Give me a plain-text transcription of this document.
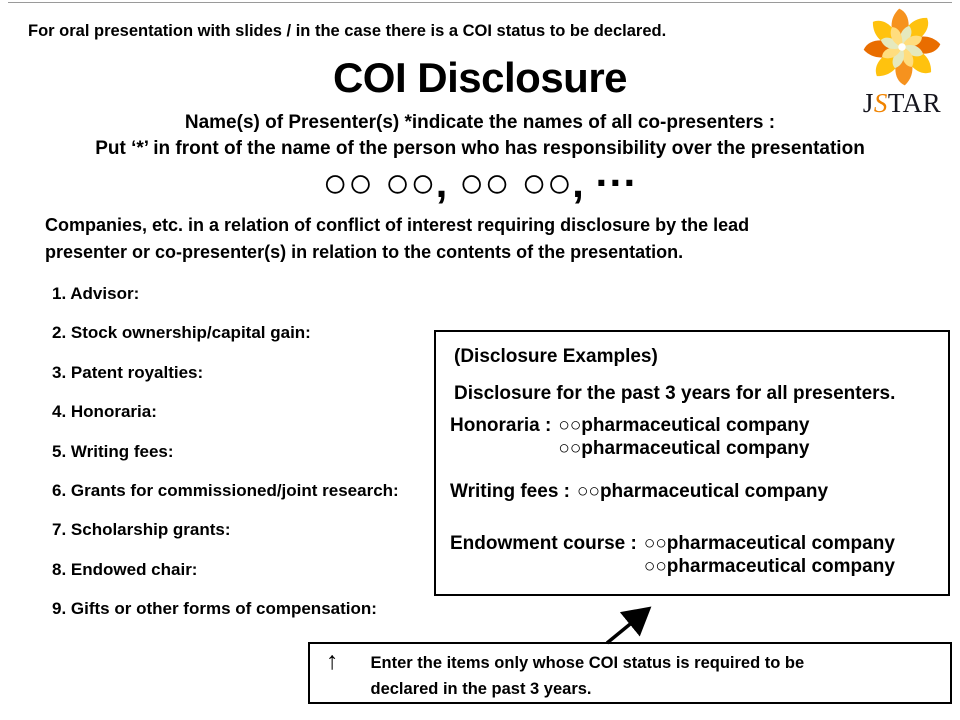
For oral presentation with slides / in the case there is a COI status to be declared.
JSTAR
COI Disclosure
Name(s) of Presenter(s) *indicate the names of all co-presenters :
Put ‘*’ in front of the name of the person who has responsibility over the presentation
○○ ○○, ○○ ○○, ···
Companies, etc. in a relation of conflict of interest requiring disclosure by the lead
presenter or co-presenter(s) in relation to the contents of the presentation.
1. Advisor:
2. Stock ownership/capital gain:
3. Patent royalties:
4. Honoraria:
5. Writing fees:
6. Grants for commissioned/joint research:
7. Scholarship grants:
8. Endowed chair:
9. Gifts or other forms of compensation:
(Disclosure Examples)
Disclosure for the past 3 years for all presenters.
Honoraria : ○○pharmaceutical company
○○pharmaceutical company
Writing fees : ○○pharmaceutical company
Endowment course : ○○pharmaceutical company
○○pharmaceutical company
↑ Enter the items only whose COI status is required to be
declared in the past 3 years.
